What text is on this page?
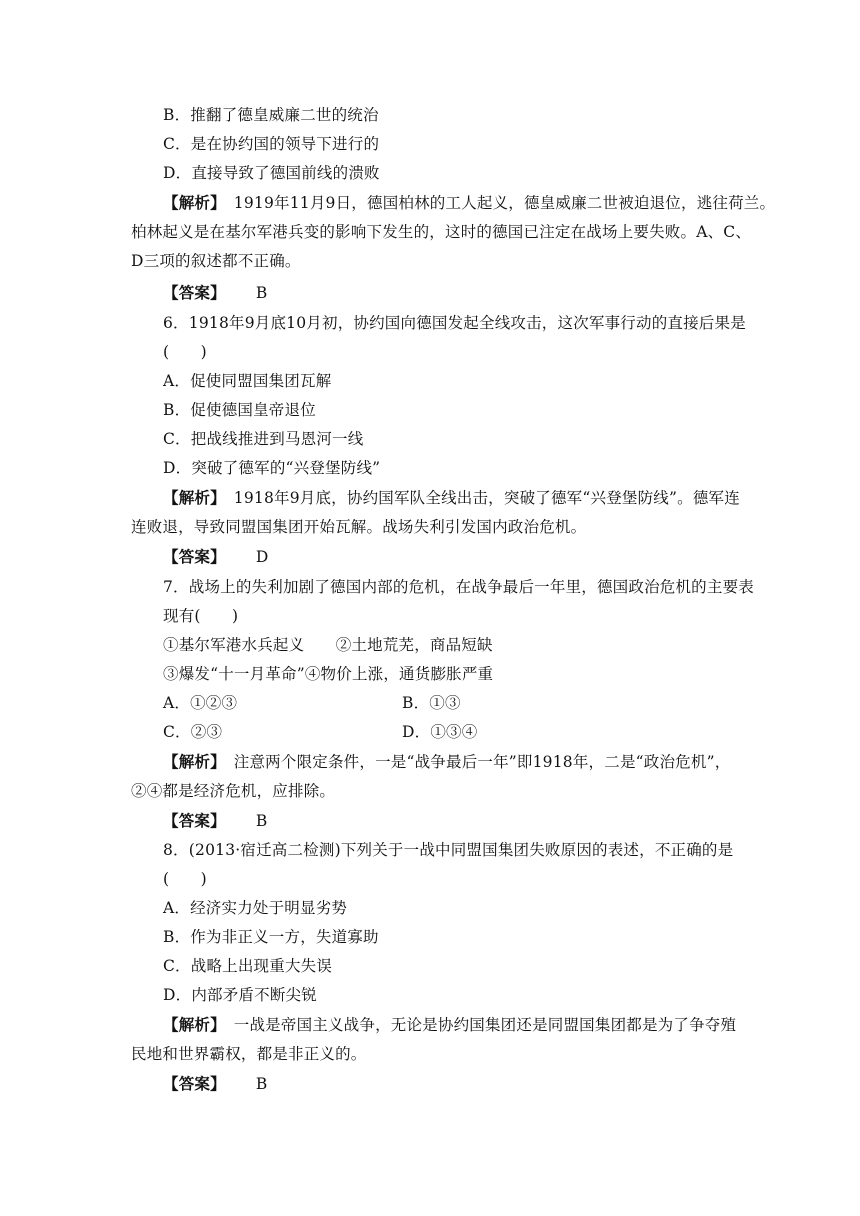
B．推翻了德皇威廉二世的统治
C．是在协约国的领导下进行的
D．直接导致了德国前线的溃败
【解析】　1919年11月9日，德国柏林的工人起义，德皇威廉二世被迫退位，逃往荷兰。
柏林起义是在基尔军港兵变的影响下发生的，这时的德国已注定在战场上要失败。A、C、
D三项的叙述都不正确。
【答案】 B
6．1918年9月底10月初，协约国向德国发起全线攻击，这次军事行动的直接后果是
(　　)
A．促使同盟国集团瓦解
B．促使德国皇帝退位
C．把战线推进到马恩河一线
D．突破了德军的“兴登堡防线”
【解析】　1918年9月底，协约国军队全线出击，突破了德军“兴登堡防线”。德军连
连败退，导致同盟国集团开始瓦解。战场失利引发国内政治危机。
【答案】 D
7．战场上的失利加剧了德国内部的危机，在战争最后一年里，德国政治危机的主要表
现有(　　)
①基尔军港水兵起义　　②土地荒芜，商品短缺
③爆发“十一月革命”④物价上涨，通货膨胀严重
A．①②③	B．①③
C．②③	D．①③④
【解析】　注意两个限定条件，一是“战争最后一年”即1918年，二是“政治危机”，
②④都是经济危机，应排除。
【答案】 B
8．(2013·宿迁高二检测)下列关于一战中同盟国集团失败原因的表述，不正确的是
(　　)
A．经济实力处于明显劣势
B．作为非正义一方，失道寡助
C．战略上出现重大失误
D．内部矛盾不断尖锐
【解析】　一战是帝国主义战争，无论是协约国集团还是同盟国集团都是为了争夺殖
民地和世界霸权，都是非正义的。
【答案】 B
